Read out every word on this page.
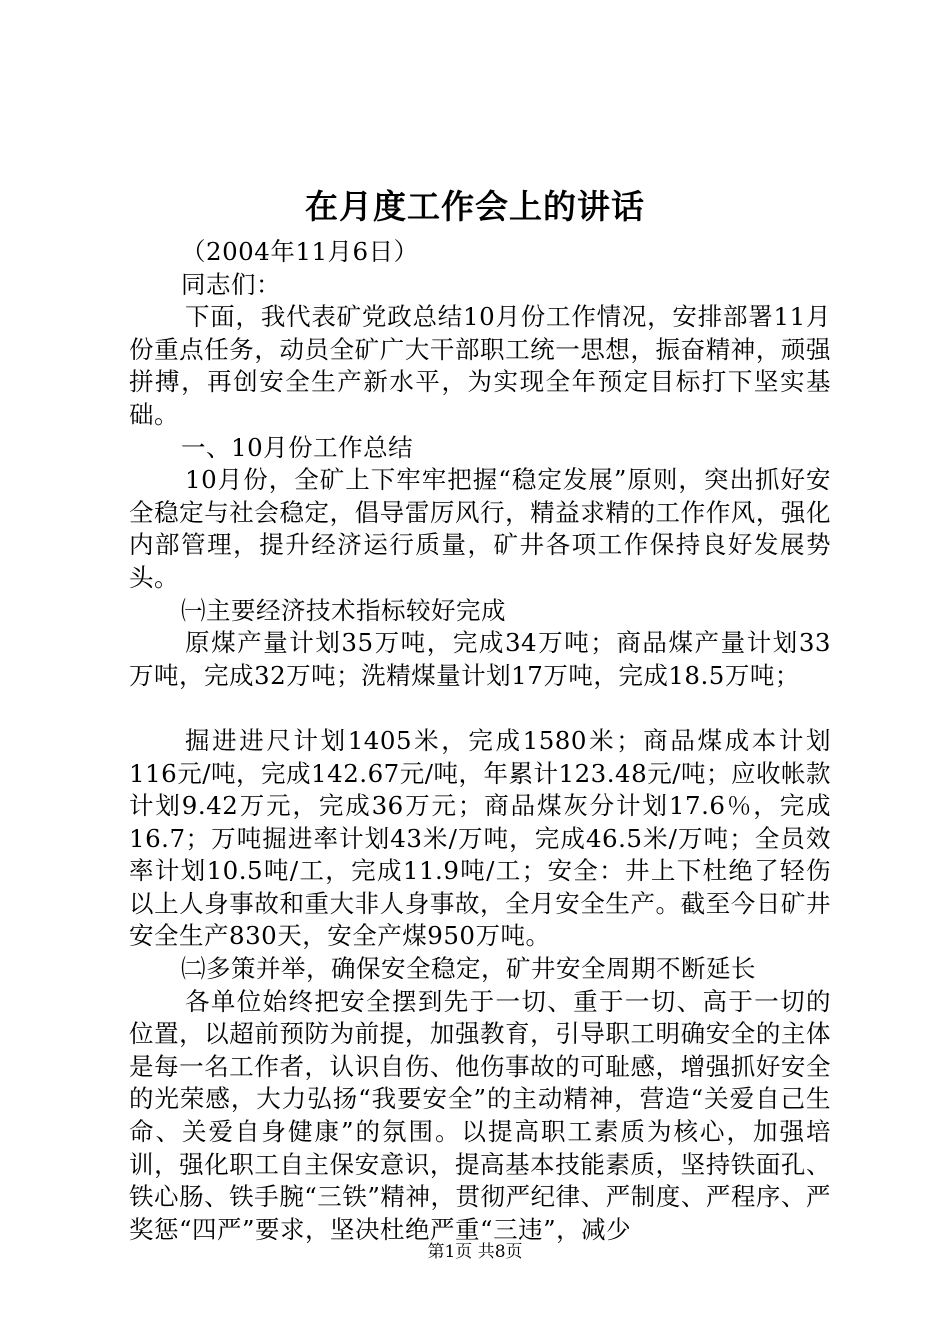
在月度工作会上的讲话

（2004年11月6日）

同志们：

下面，我代表矿党政总结10月份工作情况，安排部署11月份重点任务，动员全矿广大干部职工统一思想，振奋精神，顽强拼搏，再创安全生产新水平，为实现全年预定目标打下坚实基础。

一、10月份工作总结

10月份，全矿上下牢牢把握“稳定发展”原则，突出抓好安全稳定与社会稳定，倡导雷厉风行，精益求精的工作作风，强化内部管理，提升经济运行质量，矿井各项工作保持良好发展势头。

㈠主要经济技术指标较好完成

原煤产量计划35万吨，完成34万吨；商品煤产量计划33万吨，完成32万吨；洗精煤量计划17万吨，完成18.5万吨；

掘进进尺计划1405米，完成1580米；商品煤成本计划116元/吨，完成142.67元/吨，年累计123.48元/吨；应收帐款计划9.42万元，完成36万元；商品煤灰分计划17.6％，完成16.7；万吨掘进率计划43米/万吨，完成46.5米/万吨；全员效率计划10.5吨/工，完成11.9吨/工；安全：井上下杜绝了轻伤以上人身事故和重大非人身事故，全月安全生产。截至今日矿井安全生产830天，安全产煤950万吨。

㈡多策并举，确保安全稳定，矿井安全周期不断延长

各单位始终把安全摆到先于一切、重于一切、高于一切的位置，以超前预防为前提，加强教育，引导职工明确安全的主体是每一名工作者，认识自伤、他伤事故的可耻感，增强抓好安全的光荣感，大力弘扬“我要安全”的主动精神，营造“关爱自己生命、关爱自身健康”的氛围。以提高职工素质为核心，加强培训，强化职工自主保安意识，提高基本技能素质，坚持铁面孔、铁心肠、铁手腕“三铁”精神，贯彻严纪律、严制度、严程序、严奖惩“四严”要求，坚决杜绝严重“三违”，减少

第1页 共8页
